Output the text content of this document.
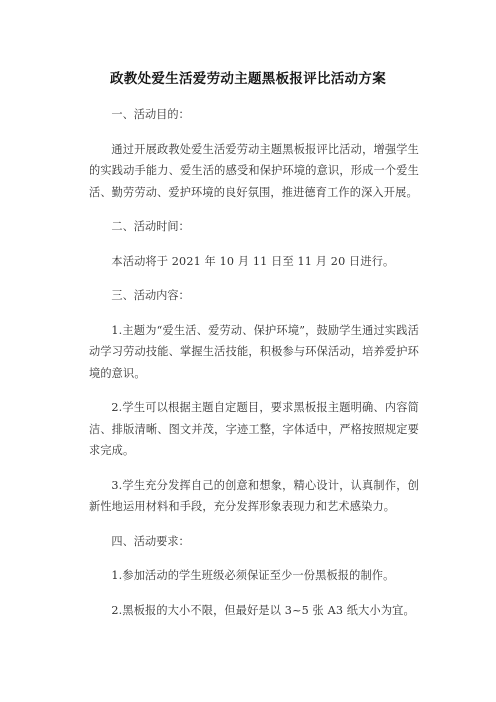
政教处爱生活爱劳动主题黑板报评比活动方案
一、活动目的：
通过开展政教处爱生活爱劳动主题黑板报评比活动，增强学生的实践动手能力、爱生活的感受和保护环境的意识，形成一个爱生活、勤劳劳动、爱护环境的良好氛围，推进德育工作的深入开展。
二、活动时间：
本活动将于 2021 年 10 月 11 日至 11 月 20 日进行。
三、活动内容：
1.主题为“爱生活、爱劳动、保护环境”，鼓励学生通过实践活动学习劳动技能、掌握生活技能，积极参与环保活动，培养爱护环境的意识。
2.学生可以根据主题自定题目，要求黑板报主题明确、内容简洁、排版清晰、图文并茂，字迹工整，字体适中，严格按照规定要求完成。
3.学生充分发挥自己的创意和想象，精心设计，认真制作，创新性地运用材料和手段，充分发挥形象表现力和艺术感染力。
四、活动要求：
1.参加活动的学生班级必须保证至少一份黑板报的制作。
2.黑板报的大小不限，但最好是以 3~5 张 A3 纸大小为宜。
